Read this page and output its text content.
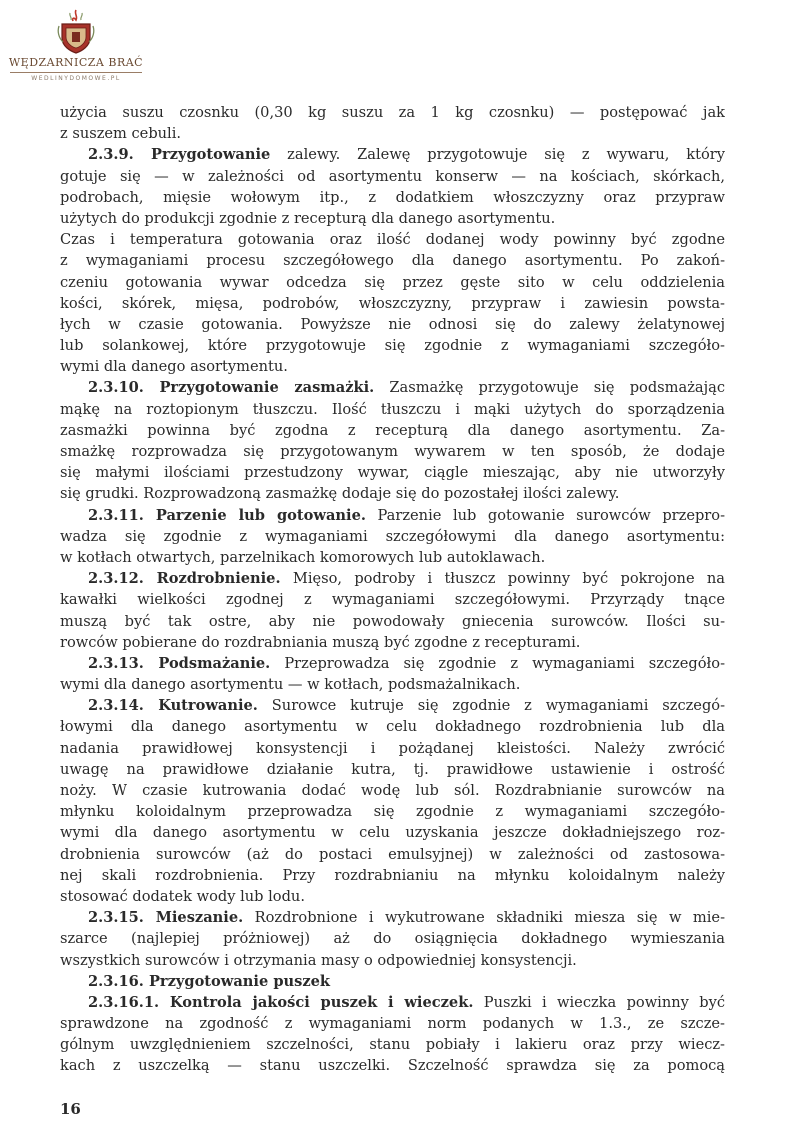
WĘDZARNICZA BRAĆ
WEDLINYDOMOWE.PL
użycia suszu czosnku (0,30 kg suszu za 1 kg czosnku) — postępować jak
z suszem cebuli.
2.3.9. Przygotowanie zalewy. Zalewę przygotowuje się z wywaru, który
gotuje się — w zależności od asortymentu konserw — na kościach, skórkach,
podrobach, mięsie wołowym itp., z dodatkiem włoszczyzny oraz przypraw
użytych do produkcji zgodnie z recepturą dla danego asortymentu.
Czas i temperatura gotowania oraz ilość dodanej wody powinny być zgodne
z wymaganiami procesu szczegółowego dla danego asortymentu. Po zakoń-
czeniu gotowania wywar odcedza się przez gęste sito w celu oddzielenia
kości, skórek, mięsa, podrobów, włoszczyzny, przypraw i zawiesin powsta-
łych w czasie gotowania. Powyższe nie odnosi się do zalewy żelatynowej
lub solankowej, które przygotowuje się zgodnie z wymaganiami szczegóło-
wymi dla danego asortymentu.
2.3.10. Przygotowanie zasmażki. Zasmażkę przygotowuje się podsmażając
mąkę na roztopionym tłuszczu. Ilość tłuszczu i mąki użytych do sporządzenia
zasmażki powinna być zgodna z recepturą dla danego asortymentu. Za-
smażkę rozprowadza się przygotowanym wywarem w ten sposób, że dodaje
się małymi ilościami przestudzony wywar, ciągle mieszając, aby nie utworzyły
się grudki. Rozprowadzoną zasmażkę dodaje się do pozostałej ilości zalewy.
2.3.11. Parzenie lub gotowanie. Parzenie lub gotowanie surowców przepro-
wadza się zgodnie z wymaganiami szczegółowymi dla danego asortymentu:
w kotłach otwartych, parzelnikach komorowych lub autoklawach.
2.3.12. Rozdrobnienie. Mięso, podroby i tłuszcz powinny być pokrojone na
kawałki wielkości zgodnej z wymaganiami szczegółowymi. Przyrządy tnące
muszą być tak ostre, aby nie powodowały gniecenia surowców. Ilości su-
rowców pobierane do rozdrabniania muszą być zgodne z recepturami.
2.3.13. Podsmażanie. Przeprowadza się zgodnie z wymaganiami szczegóło-
wymi dla danego asortymentu — w kotłach, podsmażalnikach.
2.3.14. Kutrowanie. Surowce kutruje się zgodnie z wymaganiami szczegó-
łowymi dla danego asortymentu w celu dokładnego rozdrobnienia lub dla
nadania prawidłowej konsystencji i pożądanej kleistości. Należy zwrócić
uwagę na prawidłowe działanie kutra, tj. prawidłowe ustawienie i ostrość
noży. W czasie kutrowania dodać wodę lub sól. Rozdrabnianie surowców na
młynku koloidalnym przeprowadza się zgodnie z wymaganiami szczegóło-
wymi dla danego asortymentu w celu uzyskania jeszcze dokładniejszego roz-
drobnienia surowców (aż do postaci emulsyjnej) w zależności od zastosowa-
nej skali rozdrobnienia. Przy rozdrabnianiu na młynku koloidalnym należy
stosować dodatek wody lub lodu.
2.3.15. Mieszanie. Rozdrobnione i wykutrowane składniki miesza się w mie-
szarce (najlepiej próżniowej) aż do osiągnięcia dokładnego wymieszania
wszystkich surowców i otrzymania masy o odpowiedniej konsystencji.
2.3.16. Przygotowanie puszek
2.3.16.1. Kontrola jakości puszek i wieczek. Puszki i wieczka powinny być
sprawdzone na zgodność z wymaganiami norm podanych w 1.3., ze szcze-
gólnym uwzględnieniem szczelności, stanu pobiały i lakieru oraz przy wiecz-
kach z uszczelką — stanu uszczelki. Szczelność sprawdza się za pomocą
16
